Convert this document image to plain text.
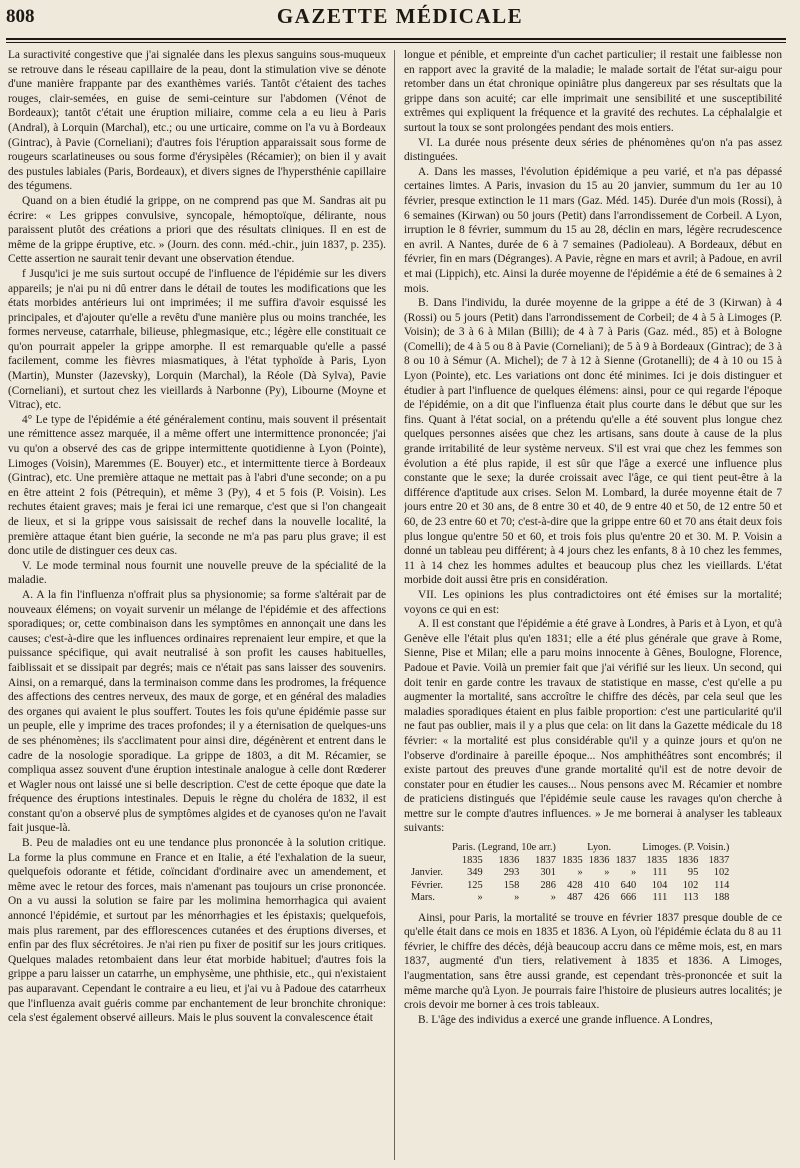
808	GAZETTE MÉDICALE

La suractivité congestive que j'ai signalée dans les plexus sanguins sous-muqueux se retrouve dans le réseau capillaire de la peau, dont la stimulation vive se dénote d'une manière frappante par des exanthèmes variés. Tantôt c'étaient des taches rouges, clair-semées, en guise de semi-ceinture sur l'abdomen (Vénot de Bordeaux); tantôt c'était une éruption miliaire, comme cela a eu lieu à Paris (Andral), à Lorquin (Marchal), etc.; ou une urticaire, comme on l'a vu à Bordeaux (Gintrac), à Pavie (Corneliani); d'autres fois l'éruption apparaissait sous forme de rougeurs scarlatineuses ou sous forme d'érysipèles (Récamier); on bien il y avait des pustules labiales (Paris, Bordeaux), et divers signes de l'hypersthénie capillaire des tégumens.

Quand on a bien étudié la grippe, on ne comprend pas que M. Sandras ait pu écrire: « Les grippes convulsive, syncopale, hémoptoïque, délirante, nous paraissent plutôt des créations a priori que des résultats cliniques. Il en est de même de la grippe éruptive, etc. » (Journ. des conn. méd.-chir., juin 1837, p. 235). Cette assertion ne saurait tenir devant une observation étendue.

f Jusqu'ici je me suis surtout occupé de l'influence de l'épidémie sur les divers appareils; je n'ai pu ni dû entrer dans le détail de toutes les modifications que les états morbides antérieurs lui ont imprimées; il me suffira d'avoir esquissé les principales, et d'ajouter qu'elle a revêtu d'une manière plus ou moins tranchée, les formes nerveuse, catarrhale, bilieuse, phlegmasique, etc.; légère elle constituait ce qu'on pourrait appeler la grippe amorphe. Il est remarquable qu'elle a passé facilement, comme les fièvres miasmatiques, à l'état typhoïde à Paris, Lyon (Martin), Munster (Jazevsky), Lorquin (Marchal), la Réole (Dà Sylva), Pavie (Corneliani), et surtout chez les vieillards à Narbonne (Py), Libourne (Moyne et Vitrac), etc.

4° Le type de l'épidémie a été généralement continu, mais souvent il présentait une rémittence assez marquée, il a même offert une intermittence prononcée; j'ai vu qu'on a observé des cas de grippe intermittente quotidienne à Lyon (Pointe), Limoges (Voisin), Maremmes (E. Bouyer) etc., et intermittente tierce à Bordeaux (Gintrac), etc. Une première attaque ne mettait pas à l'abri d'une seconde; on a pu en être atteint 2 fois (Pétrequin), et même 3 (Py), 4 et 5 fois (P. Voisin). Les rechutes étaient graves; mais je ferai ici une remarque, c'est que si l'on changeait de lieux, et si la grippe vous saisissait de rechef dans la nouvelle localité, la première attaque étant bien guérie, la seconde ne m'a pas paru plus grave; il est donc utile de distinguer ces deux cas.

V. Le mode terminal nous fournit une nouvelle preuve de la spécialité de la maladie.

A. A la fin l'influenza n'offrait plus sa physionomie; sa forme s'altérait par de nouveaux élémens; on voyait survenir un mélange de l'épidémie et des affections sporadiques; or, cette combinaison dans les symptômes en annonçait une dans les causes; c'est-à-dire que les influences ordinaires reprenaient leur empire, et que la puissance spécifique, qui avait neutralisé à son profit les causes habituelles, faiblissait et se dissipait par degrés; mais ce n'était pas sans laisser des souvenirs. Ainsi, on a remarqué, dans la terminaison comme dans les prodromes, la fréquence des affections des centres nerveux, des maux de gorge, et en général des maladies des organes qui avaient le plus souffert. Toutes les fois qu'une épidémie passe sur un peuple, elle y imprime des traces profondes; il y a éternisation de quelques-uns de ses phénomènes; ils s'acclimatent pour ainsi dire, dégénèrent et entrent dans le cadre de la nosologie sporadique. La grippe de 1803, a dit M. Récamier, se compliqua assez souvent d'une éruption intestinale analogue à celle dont Rœderer et Wagler nous ont laissé une si belle description. C'est de cette époque que date la fréquence des éruptions intestinales. Depuis le règne du choléra de 1832, il est constant qu'on a observé plus de symptômes algides et de cyanoses qu'on ne l'avait fait jusque-là.

B. Peu de maladies ont eu une tendance plus prononcée à la solution critique. La forme la plus commune en France et en Italie, a été l'exhalation de la sueur, quelquefois odorante et fétide, coïncidant d'ordinaire avec un amendement, et même avec le retour des forces, mais n'amenant pas toujours un crise prononcée. On a vu aussi la solution se faire par les molimina hemorrhagica qui avaient annoncé l'épidémie, et surtout par les ménorrhagies et les épistaxis; quelquefois, mais plus rarement, par des efflorescences cutanées et des éruptions diverses, et enfin par des flux sécrétoires. Je n'ai rien pu fixer de positif sur les jours critiques. Quelques malades retombaient dans leur état morbide habituel; d'autres fois la grippe a paru laisser un catarrhe, un emphysème, une phthisie, etc., qui n'existaient pas auparavant. Cependant le contraire a eu lieu, et j'ai vu à Padoue des catarrheux que l'influenza avait guéris comme par enchantement de leur bronchite chronique: cela s'est également observé ailleurs. Mais le plus souvent la convalescence était

longue et pénible, et empreinte d'un cachet particulier; il restait une faiblesse non en rapport avec la gravité de la maladie; le malade sortait de l'état sur-aigu pour retomber dans un état chronique opiniâtre plus dangereux par ses résultats que la grippe dans son acuité; car elle imprimait une sensibilité et une susceptibilité extrêmes qui expliquent la fréquence et la gravité des rechutes. La céphalalgie et surtout la toux se sont prolongées pendant des mois entiers.

VI. La durée nous présente deux séries de phénomènes qu'on n'a pas assez distinguées.

A. Dans les masses, l'évolution épidémique a peu varié, et n'a pas dépassé certaines limtes. A Paris, invasion du 15 au 20 janvier, summum du 1er au 10 février, presque extinction le 11 mars (Gaz. Méd. 145). Durée d'un mois (Rossi), à 6 semaines (Kirwan) ou 50 jours (Petit) dans l'arrondissement de Corbeil. A Lyon, irruption le 8 février, summum du 15 au 28, déclin en mars, légère recrudescence en avril. A Nantes, durée de 6 à 7 semaines (Padioleau). A Bordeaux, début en février, fin en mars (Dégranges). A Pavie, règne en mars et avril; à Padoue, en avril et mai (Lippich), etc. Ainsi la durée moyenne de l'épidémie a été de 6 semaines à 2 mois.

B. Dans l'individu, la durée moyenne de la grippe a été de 3 (Kirwan) à 4 (Rossi) ou 5 jours (Petit) dans l'arrondissement de Corbeil; de 4 à 5 à Limoges (P. Voisin); de 3 à 6 à Milan (Billi); de 4 à 7 à Paris (Gaz. méd., 85) et à Bologne (Comelli); de 4 à 5 ou 8 à Pavie (Corneliani); de 5 à 9 à Bordeaux (Gintrac); de 3 à 8 ou 10 à Sémur (A. Michel); de 7 à 12 à Sienne (Grotanelli); de 4 à 10 ou 15 à Lyon (Pointe), etc. Les variations ont donc été minimes. Ici je dois distinguer et étudier à part l'influence de quelques élémens: ainsi, pour ce qui regarde l'époque de l'épidémie, on a dit que l'influenza était plus courte dans le début que sur les fins. Quant à l'état social, on a prétendu qu'elle a été souvent plus longue chez quelques personnes aisées que chez les artisans, sans doute à cause de la plus grande irritabilité de leur système nerveux. S'il est vrai que chez les femmes son évolution a été plus rapide, il est sûr que l'âge a exercé une influence plus constante que le sexe; la durée croissait avec l'âge, ce qui tient peut-être à la différence d'aptitude aux crises. Selon M. Lombard, la durée moyenne était de 7 jours entre 20 et 30 ans, de 8 entre 30 et 40, de 9 entre 40 et 50, de 12 entre 50 et 60, de 23 entre 60 et 70; c'est-à-dire que la grippe entre 60 et 70 ans était deux fois plus longue qu'entre 50 et 60, et trois fois plus qu'entre 20 et 30. M. P. Voisin a donné un tableau peu différent; à 4 jours chez les enfants, 8 à 10 chez les femmes, 11 à 14 chez les hommes adultes et beaucoup plus chez les vieillards. L'état morbide doit aussi être pris en considération.

VII. Les opinions les plus contradictoires ont été émises sur la mortalité; voyons ce qui en est:

A. Il est constant que l'épidémie a été grave à Londres, à Paris et à Lyon, et qu'à Genève elle l'était plus qu'en 1831; elle a été plus générale que grave à Rome, Sienne, Pise et Milan; elle a paru moins innocente à Gênes, Boulogne, Florence, Padoue et Pavie. Voilà un premier fait que j'ai vérifié sur les lieux. Un second, qui doit tenir en garde contre les travaux de statistique en masse, c'est qu'elle a pu augmenter la mortalité, sans accroître le chiffre des décès, par cela seul que les maladies sporadiques étaient en plus faible proportion: c'est une particularité qu'il ne faut pas oublier, mais il y a plus que cela: on lit dans la Gazette médicale du 18 février: « la mortalité est plus considérable qu'il y a quinze jours et qu'on ne l'observe d'ordinaire à pareille époque... Nos amphithéâtres sont encombrés; il existe partout des preuves d'une grande mortalité qu'il est de notre devoir de constater pour en étudier les causes... Nous pensons avec M. Récamier et nombre de praticiens distingués que l'épidémie seule cause les ravages qu'on cherche à mettre sur le compte d'autres influences. » Je me bornerai à analyser les tableaux suivants:

	Paris. (Legrand, 10e arr.)			Lyon.			Limoges. (P. Voisin.)		
	1835	1836	1837	1835	1836	1837	1835	1836	1837
Janvier.	349	293	301	»	»	»	111	95	102
Février.	125	158	286	428	410	640	104	102	114
Mars.	»	»	»	487	426	666	111	113	188

Ainsi, pour Paris, la mortalité se trouve en février 1837 presque double de ce qu'elle était dans ce mois en 1835 et 1836. A Lyon, où l'épidémie éclata du 8 au 11 février, le chiffre des décès, déjà beaucoup accru dans ce même mois, est, en mars 1837, augmenté d'un tiers, relativement à 1835 et 1836. A Limoges, l'augmentation, sans être aussi grande, est cependant très-prononcée et suit la même marche qu'à Lyon. Je pourrais faire l'histoire de plusieurs autres localités; je crois devoir me borner à ces trois tableaux.

B. L'âge des individus a exercé une grande influence. A Londres,
